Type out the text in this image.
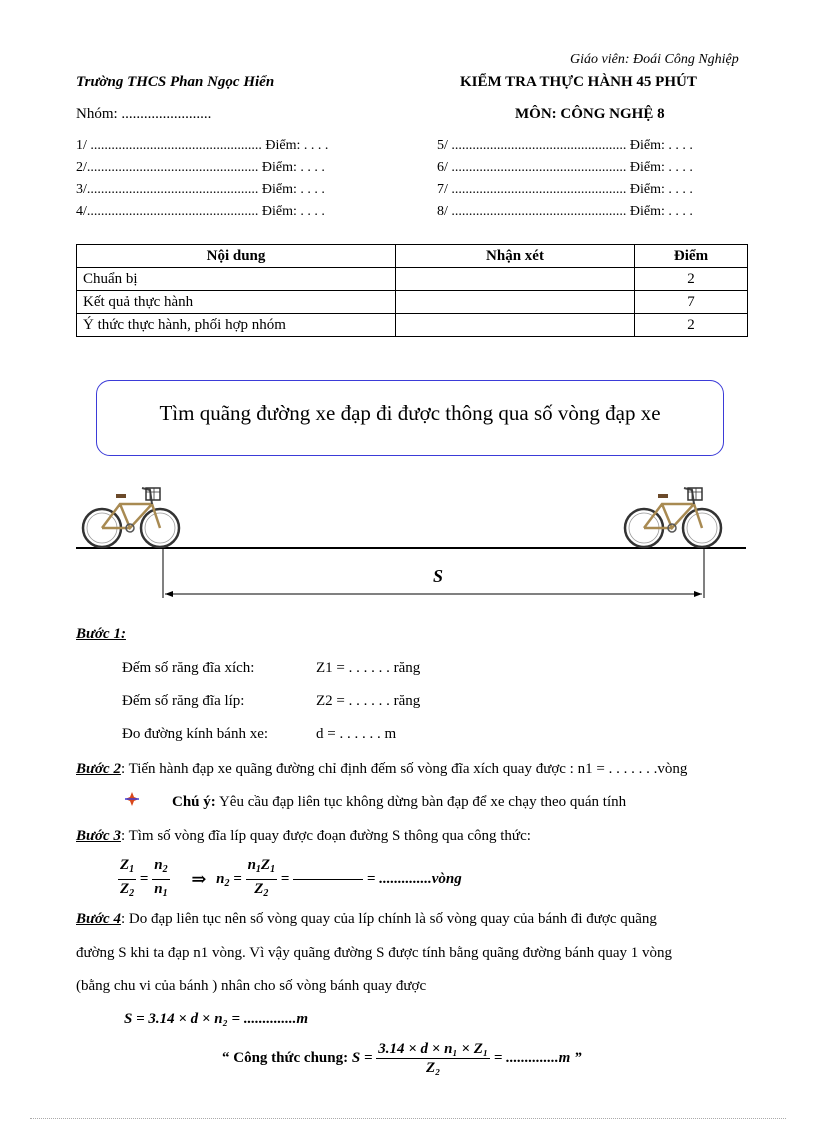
Giáo viên: Đoái Công Nghiệp
Trường THCS Phan Ngọc Hiển	KIỂM TRA THỰC HÀNH 45 PHÚT
Nhóm: ........................	MÔN: CÔNG NGHỆ 8
1/ ................................................. Điểm: . . . .
2/................................................. Điểm: . . . .
3/................................................. Điểm: . . . .
4/................................................. Điểm: . . . .
5/ .................................................. Điểm: . . . .
6/ .................................................. Điểm: . . . .
7/ .................................................. Điểm: . . . .
8/ .................................................. Điểm: . . . .
Nội dung	Nhận xét	Điểm
Chuẩn bị		2
Kết quả thực hành		7
Ý thức thực hành, phối hợp nhóm		2
Tìm quãng đường xe đạp đi được thông qua số vòng đạp xe
S
Bước 1:
Đếm số răng đĩa xích:	Z1 = . . . . . . răng
Đếm số răng đĩa líp:	Z2 = . . . . . . răng
Đo đường kính bánh xe:	d = . . . . . . m
Bước 2: Tiến hành đạp xe quãng đường chỉ định đếm số vòng đĩa xích quay được : n1 = . . . . . . .vòng
Chú ý: Yêu cầu đạp liên tục không dừng bàn đạp để xe chạy theo quán tính
Bước 3: Tìm số vòng đĩa líp quay được đoạn đường S thông qua công thức:
$\frac{Z_1}{Z_2} = \frac{n_2}{n_1}$ ⇒ $n_2 = \frac{n_1Z_1}{Z_2}$ =	= ..............vòng
Bước 4: Do đạp liên tục nên số vòng quay của líp chính là số vòng quay của bánh đi được quãng
đường S khi ta đạp n1 vòng. Vì vậy quãng đường S được tính bằng quãng đường bánh quay 1 vòng
(bằng chu vi của bánh ) nhân cho số vòng bánh quay được
S = 3.14 × d × n₂ = ..............m
“ Công thức chung: $S = \frac{\text{3.14 × d × n₁ × Z₁}}{\text{Z₂}} = ..............m$ ”
